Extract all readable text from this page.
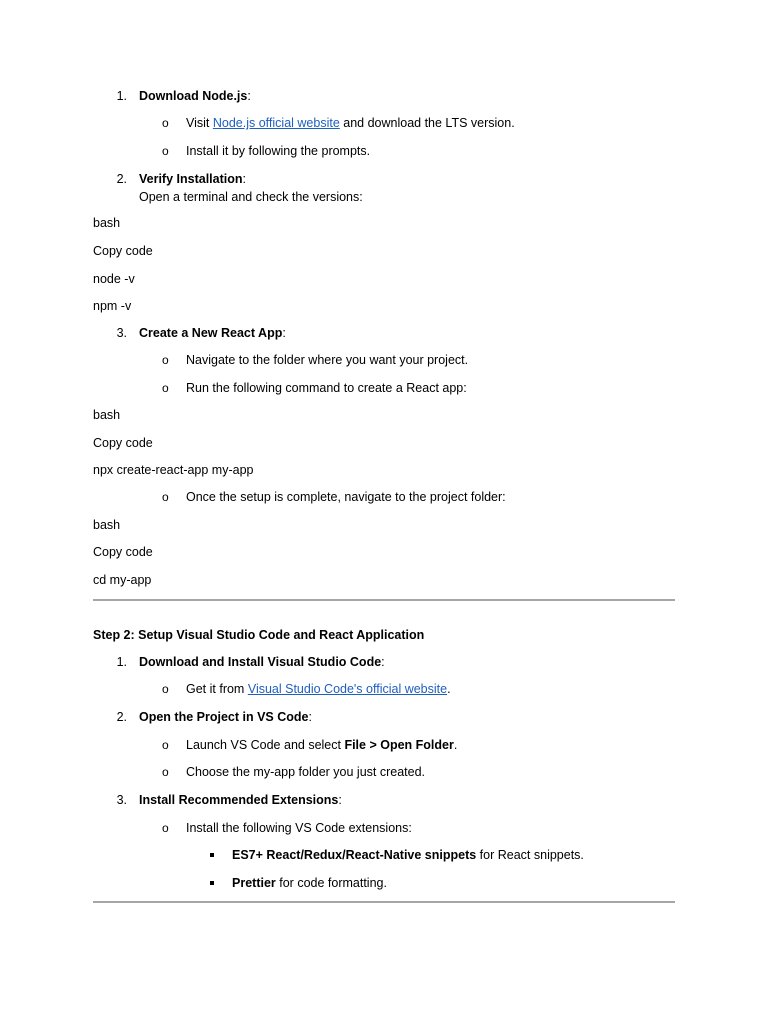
1. Download Node.js:
o Visit Node.js official website and download the LTS version.
o Install it by following the prompts.
2. Verify Installation:
Open a terminal and check the versions:
bash
Copy code
node -v
npm -v
3. Create a New React App:
o Navigate to the folder where you want your project.
o Run the following command to create a React app:
bash
Copy code
npx create-react-app my-app
o Once the setup is complete, navigate to the project folder:
bash
Copy code
cd my-app
Step 2: Setup Visual Studio Code and React Application
1. Download and Install Visual Studio Code:
o Get it from Visual Studio Code's official website.
2. Open the Project in VS Code:
o Launch VS Code and select File > Open Folder.
o Choose the my-app folder you just created.
3. Install Recommended Extensions:
o Install the following VS Code extensions:
ES7+ React/Redux/React-Native snippets for React snippets.
Prettier for code formatting.
